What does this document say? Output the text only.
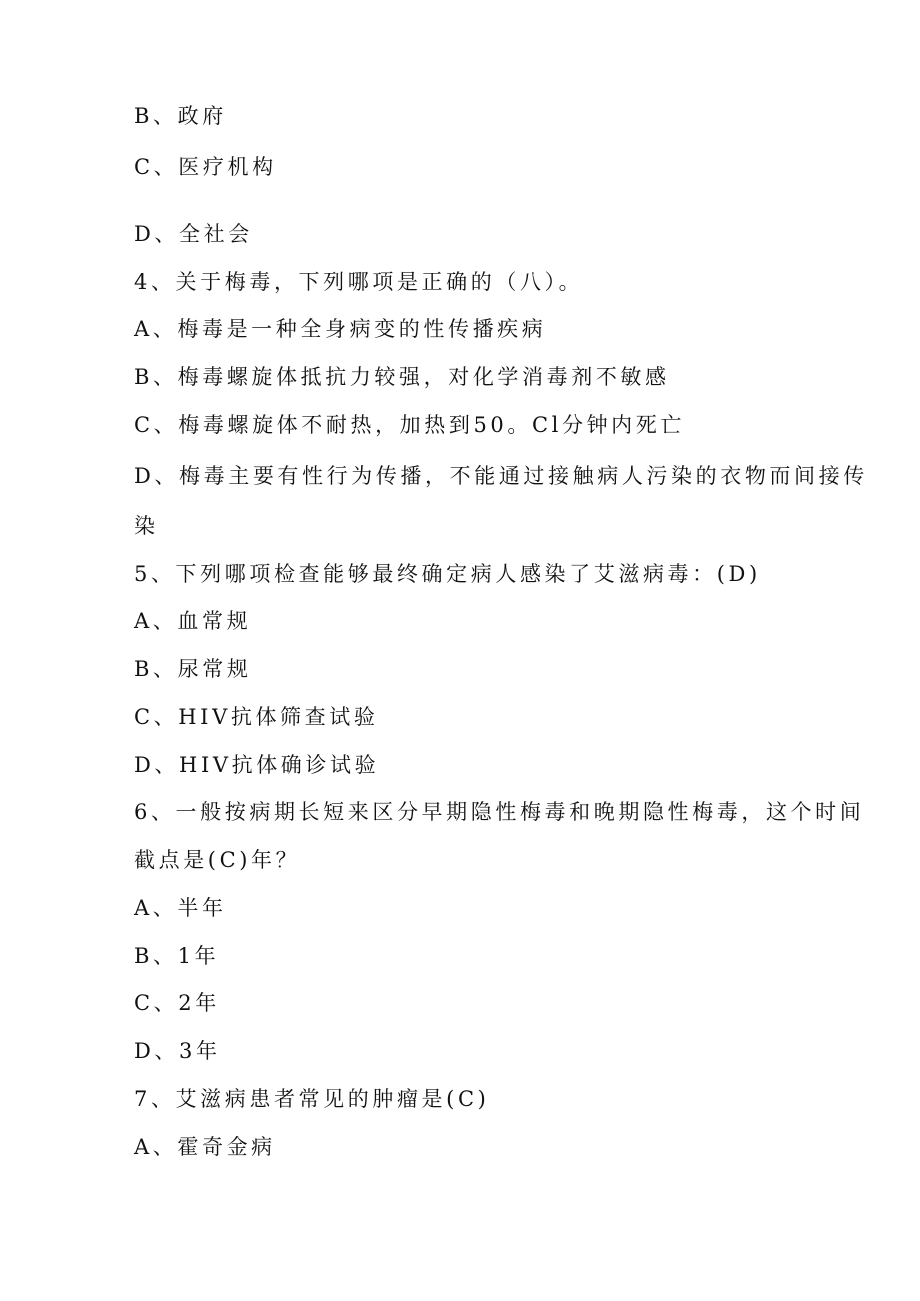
B、政府

C、医疗机构

D、全社会

4、关于梅毒，下列哪项是正确的（八）。

A、梅毒是一种全身病变的性传播疾病

B、梅毒螺旋体抵抗力较强，对化学消毒剂不敏感

C、梅毒螺旋体不耐热，加热到50。Cl分钟内死亡

D、梅毒主要有性行为传播，不能通过接触病人污染的衣物而间接传

染

5、下列哪项检查能够最终确定病人感染了艾滋病毒：(D)

A、血常规

B、尿常规

C、HIV抗体筛查试验

D、HIV抗体确诊试验

6、一般按病期长短来区分早期隐性梅毒和晚期隐性梅毒，这个时间

截点是(C)年？

A、半年

B、1年

C、2年

D、3年

7、艾滋病患者常见的肿瘤是(C)

A、霍奇金病
